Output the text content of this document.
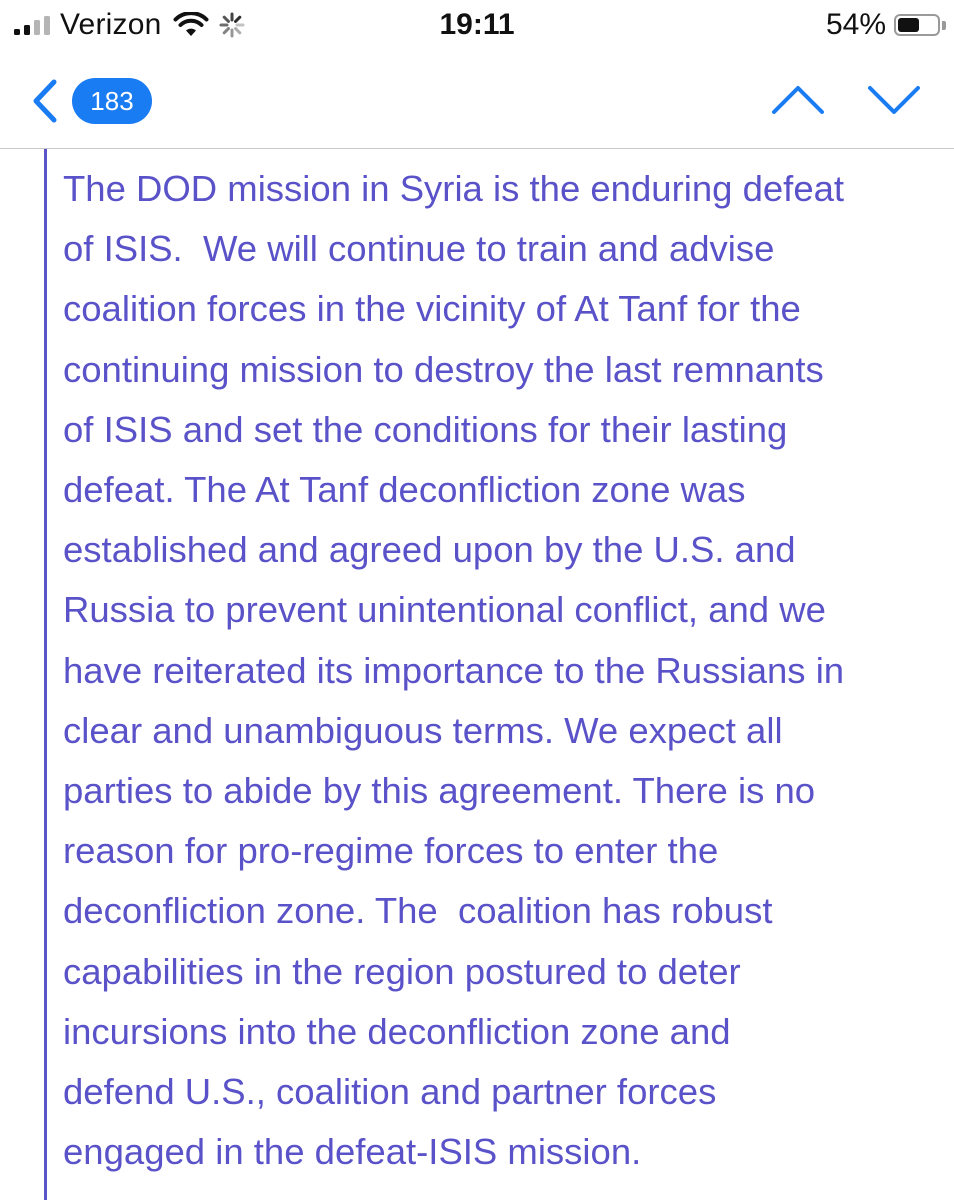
Verizon	19:11	54%
183
The DOD mission in Syria is the enduring defeat
of ISIS.  We will continue to train and advise
coalition forces in the vicinity of At Tanf for the
continuing mission to destroy the last remnants
of ISIS and set the conditions for their lasting
defeat. The At Tanf deconfliction zone was
established and agreed upon by the U.S. and
Russia to prevent unintentional conflict, and we
have reiterated its importance to the Russians in
clear and unambiguous terms. We expect all
parties to abide by this agreement. There is no
reason for pro-regime forces to enter the
deconfliction zone. The  coalition has robust
capabilities in the region postured to deter
incursions into the deconfliction zone and
defend U.S., coalition and partner forces
engaged in the defeat-ISIS mission.
